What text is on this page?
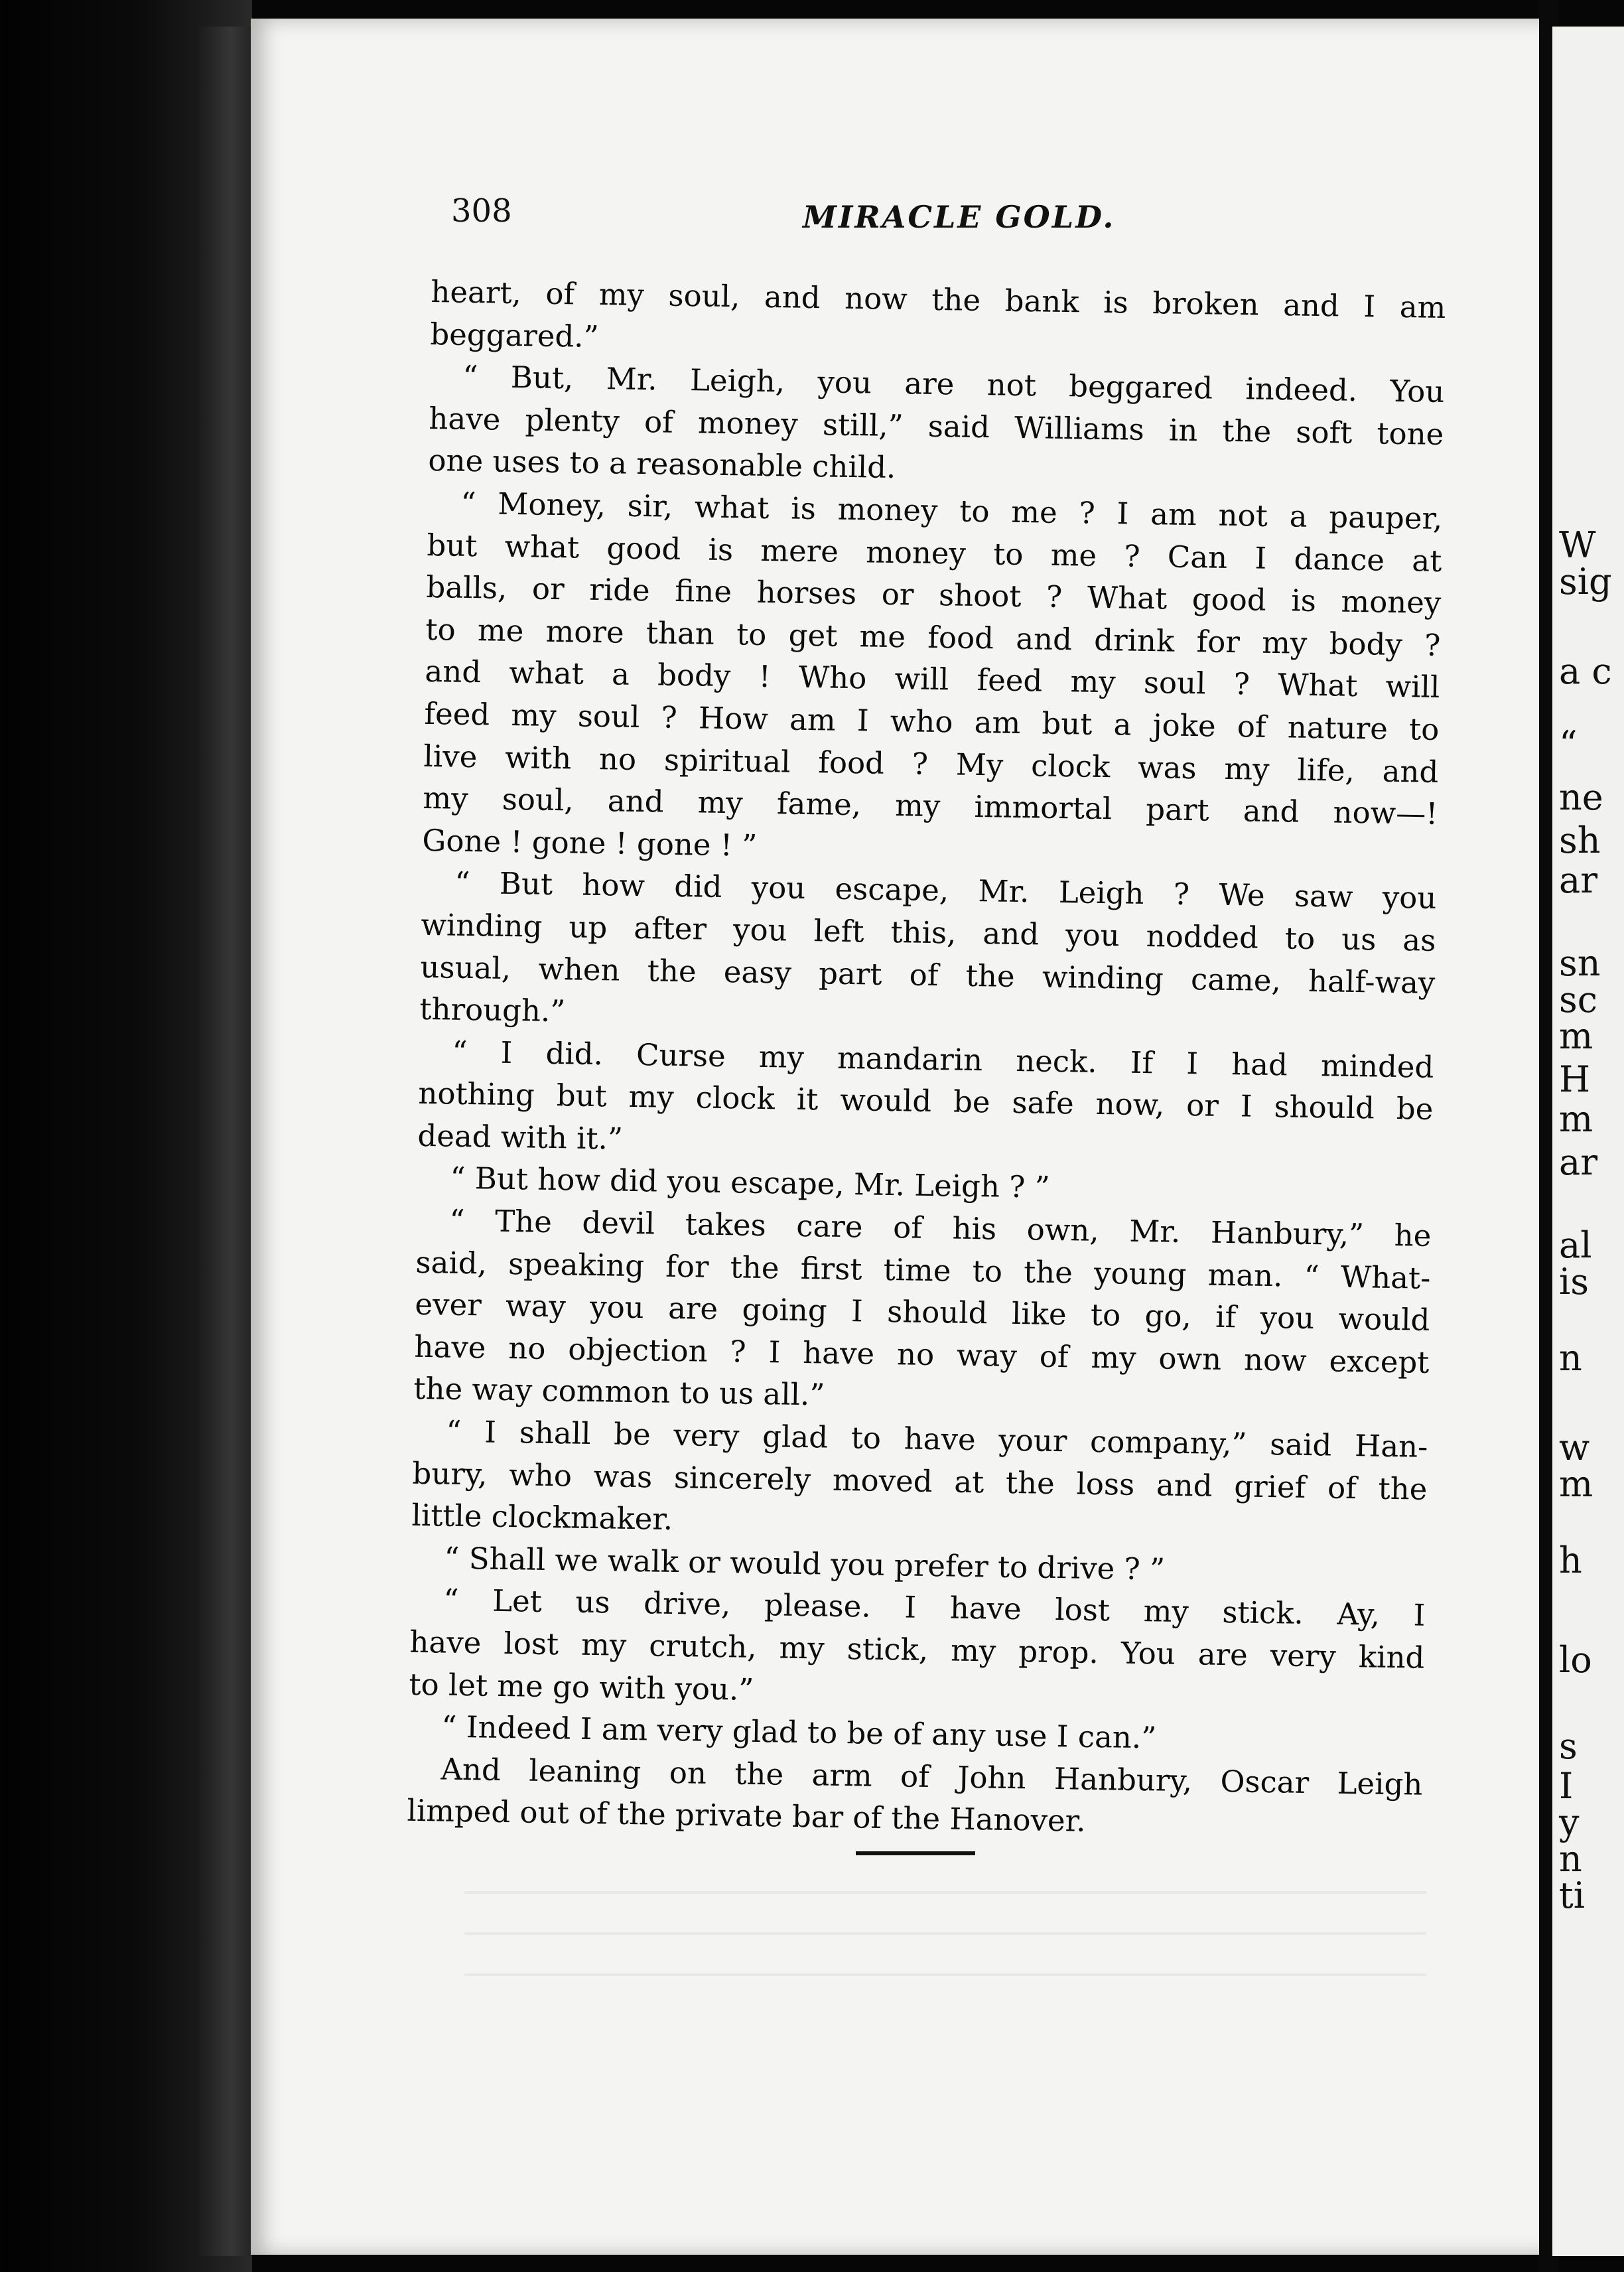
W
sig
a c
“
ne
sh
ar
sn
sc
m
H
m
ar
al
is
n
w
m
h
lo
s
I
y
n
ti
308	MIRACLE GOLD.
heart, of my soul, and now the bank is broken and I am
beggared.”
“ But, Mr. Leigh, you are not beggared indeed. You
have plenty of money still,” said Williams in the soft tone
one uses to a reasonable child.
“ Money, sir, what is money to me ? I am not a pauper,
but what good is mere money to me ? Can I dance at
balls, or ride fine horses or shoot ? What good is money
to me more than to get me food and drink for my body ?
and what a body ! Who will feed my soul ? What will
feed my soul ? How am I who am but a joke of nature to
live with no spiritual food ? My clock was my life, and
my soul, and my fame, my immortal part and now—!
Gone ! gone ! gone ! ”
“ But how did you escape, Mr. Leigh ? We saw you
winding up after you left this, and you nodded to us as
usual, when the easy part of the winding came, half-way
through.”
“ I did. Curse my mandarin neck. If I had minded
nothing but my clock it would be safe now, or I should be
dead with it.”
“ But how did you escape, Mr. Leigh ? ”
“ The devil takes care of his own, Mr. Hanbury,” he
said, speaking for the first time to the young man. “ What-
ever way you are going I should like to go, if you would
have no objection ? I have no way of my own now except
the way common to us all.”
“ I shall be very glad to have your company,” said Han-
bury, who was sincerely moved at the loss and grief of the
little clockmaker.
“ Shall we walk or would you prefer to drive ? ”
“ Let us drive, please. I have lost my stick. Ay, I
have lost my crutch, my stick, my prop. You are very kind
to let me go with you.”
“ Indeed I am very glad to be of any use I can.”
And leaning on the arm of John Hanbury, Oscar Leigh
limped out of the private bar of the Hanover.
